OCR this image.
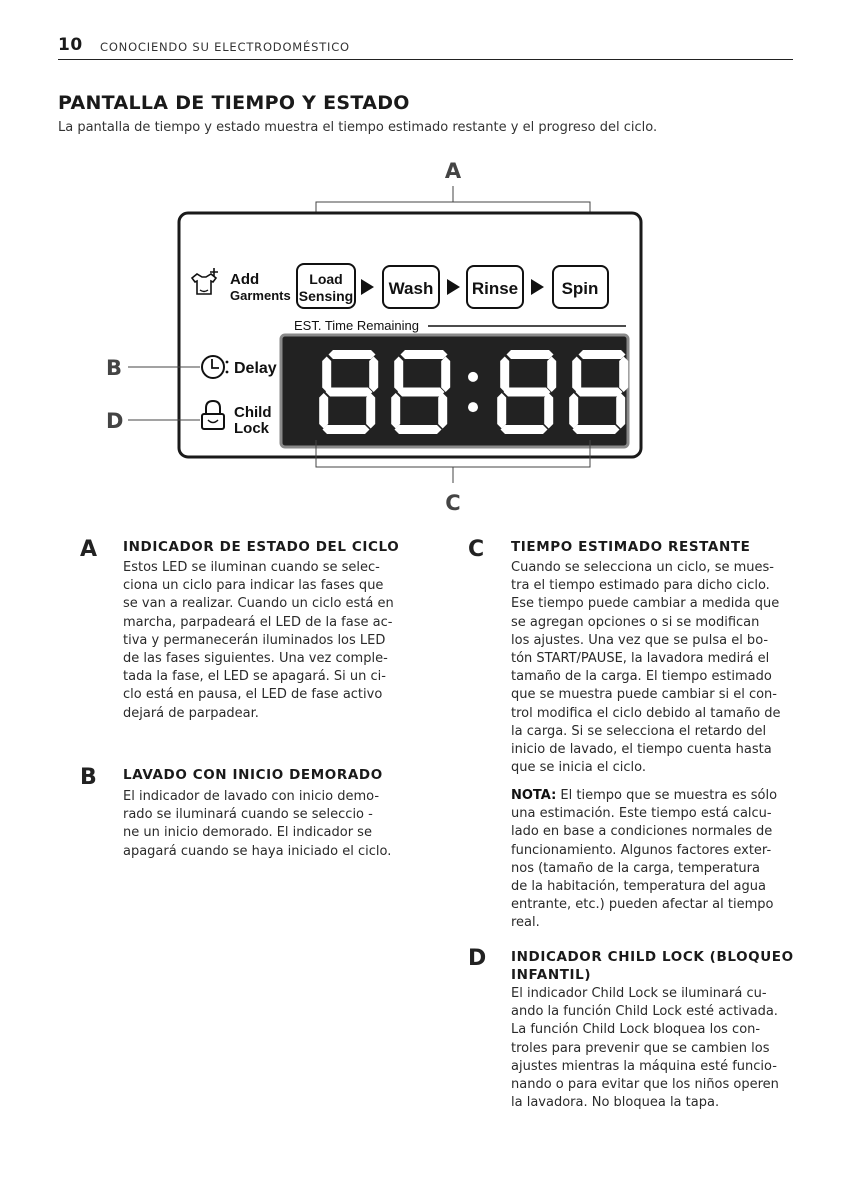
10 CONOCIENDO SU ELECTRODOMÉSTICO
PANTALLA DE TIEMPO Y ESTADO
La pantalla de tiempo y estado muestra el tiempo estimado restante y el progreso del ciclo.
A
Add
Garments
Load
Sensing Wash Rinse	Spin
EST. Time Remaining
B	Delay
D	Child
Lock
C
A INDICADOR DE ESTADO DEL CICLO
Estos LED se iluminan cuando se selec-
ciona un ciclo para indicar las fases que
se van a realizar. Cuando un ciclo está en
marcha, parpadeará el LED de la fase ac-
tiva y permanecerán iluminados los LED
de las fases siguientes. Una vez comple-
tada la fase, el LED se apagará. Si un ci-
clo está en pausa, el LED de fase activo
dejará de parpadear.
B LAVADO CON INICIO DEMORADO
El indicador de lavado con inicio demo-
rado se iluminará cuando se seleccio -
ne un inicio demorado. El indicador se
apagará cuando se haya iniciado el ciclo.
C TIEMPO ESTIMADO RESTANTE
Cuando se selecciona un ciclo, se mues-
tra el tiempo estimado para dicho ciclo.
Ese tiempo puede cambiar a medida que
se agregan opciones o si se modifican
los ajustes. Una vez que se pulsa el bo-
tón START/PAUSE, la lavadora medirá el
tamaño de la carga. El tiempo estimado
que se muestra puede cambiar si el con-
trol modifica el ciclo debido al tamaño de
la carga. Si se selecciona el retardo del
inicio de lavado, el tiempo cuenta hasta
que se inicia el ciclo.
NOTA: El tiempo que se muestra es sólo
una estimación. Este tiempo está calcu-
lado en base a condiciones normales de
funcionamiento. Algunos factores exter-
nos (tamaño de la carga, temperatura
de la habitación, temperatura del agua
entrante, etc.) pueden afectar al tiempo
real.
D INDICADOR CHILD LOCK (BLOQUEO
INFANTIL)
El indicador Child Lock se iluminará cu-
ando la función Child Lock esté activada.
La función Child Lock bloquea los con-
troles para prevenir que se cambien los
ajustes mientras la máquina esté funcio-
nando o para evitar que los niños operen
la lavadora. No bloquea la tapa.
